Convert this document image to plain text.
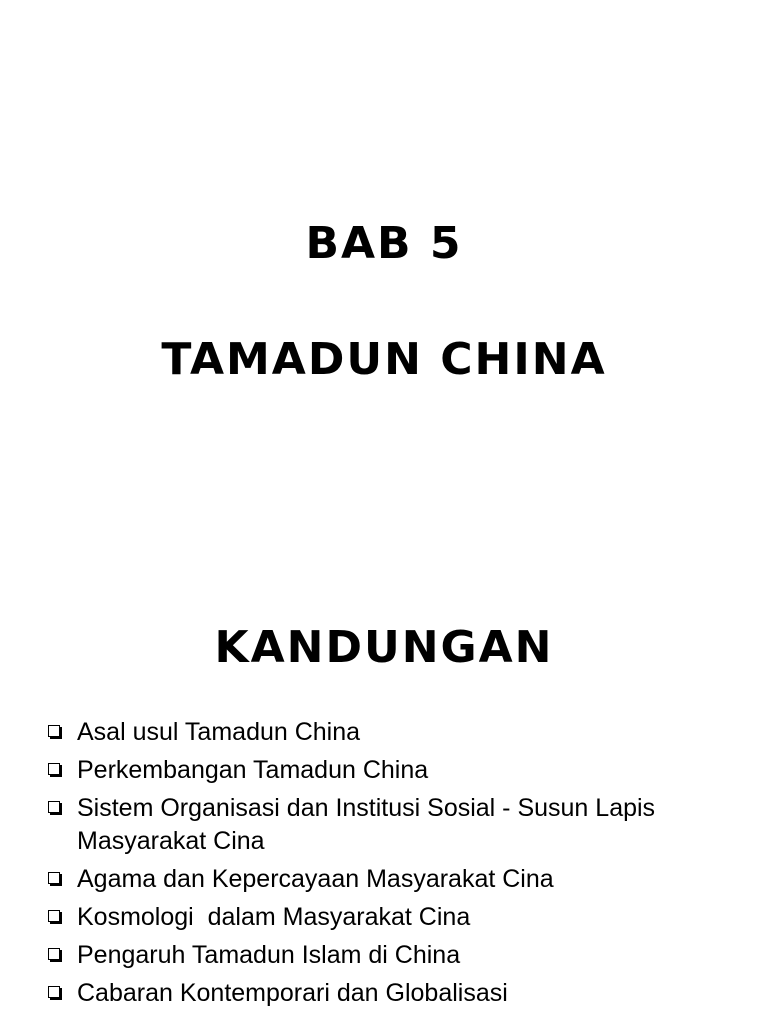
BAB 5
TAMADUN CHINA
KANDUNGAN
Asal usul Tamadun China
Perkembangan Tamadun China
Sistem Organisasi dan Institusi Sosial - Susun Lapis Masyarakat Cina
Agama dan Kepercayaan Masyarakat Cina
Kosmologi  dalam Masyarakat Cina
Pengaruh Tamadun Islam di China
Cabaran Kontemporari dan Globalisasi
